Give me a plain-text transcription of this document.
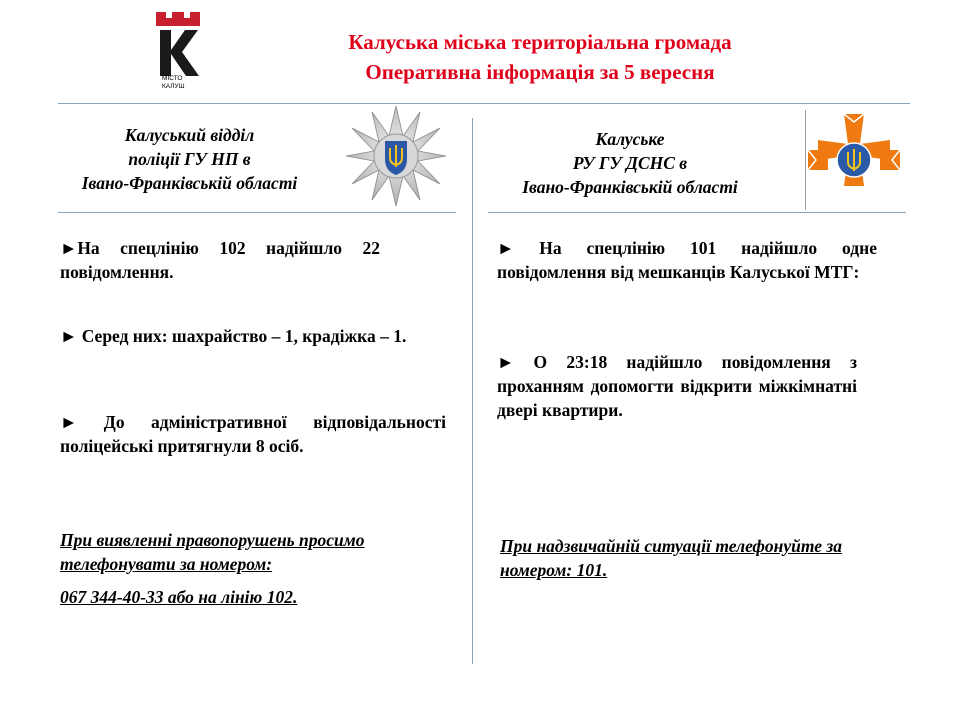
МІСТО
КАЛУШ
Калуська міська територіальна громада
Оперативна інформація за 5 вересня
Калуський відділ
поліції ГУ НП в
Івано-Франківській області
►На спецлінію 102 надійшло 22 повідомлення.
► Серед них: шахрайство – 1, крадіжка – 1.
► До адміністративної відповідальності поліцейські притягнули 8 осіб.
При виявленні правопорушень просимо телефонувати за номером:
067 344-40-33 або на лінію 102.
Калуське
РУ ГУ ДСНС в
Івано-Франківській області
► На спецлінію 101 надійшло одне повідомлення від мешканців Калуської МТГ:
► О 23:18 надійшло повідомлення з проханням допомогти відкрити міжкімнатні двері квартири.
При надзвичайній ситуації телефонуйте за номером: 101.
